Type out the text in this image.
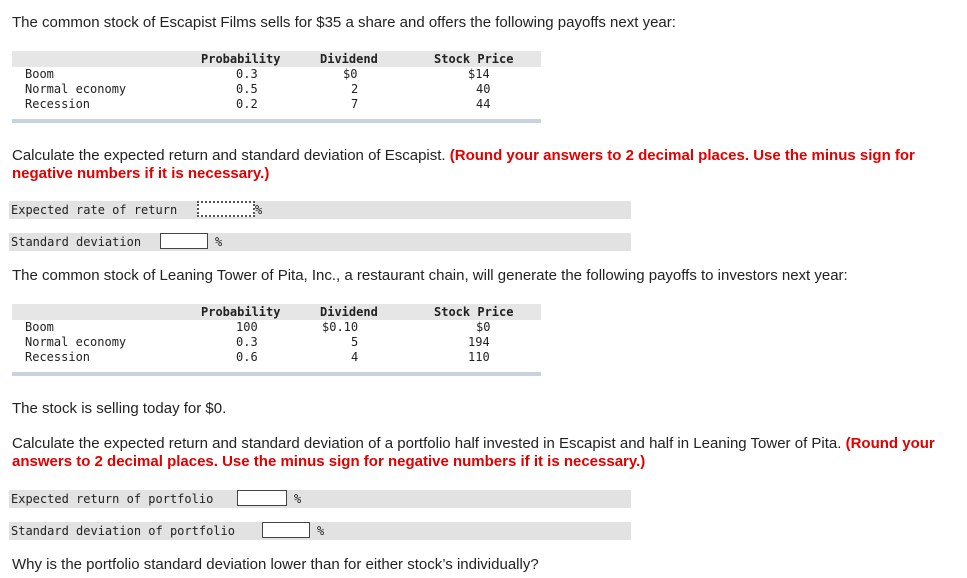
The common stock of Escapist Films sells for $35 a share and offers the following payoffs next year:
Probability	Dividend	Stock Price
Boom	0.3	$0	$14
Normal economy	0.5	2	40
Recession	0.2	7	44
Calculate the expected return and standard deviation of Escapist. (Round your answers to 2 decimal places. Use the minus sign for negative numbers if it is necessary.)
Expected rate of return	%
Standard deviation	%
The common stock of Leaning Tower of Pita, Inc., a restaurant chain, will generate the following payoffs to investors next year:
Probability	Dividend	Stock Price
Boom	100	$0.10	$0
Normal economy	0.3	5	194
Recession	0.6	4	110
The stock is selling today for $0.
Calculate the expected return and standard deviation of a portfolio half invested in Escapist and half in Leaning Tower of Pita. (Round your answers to 2 decimal places. Use the minus sign for negative numbers if it is necessary.)
Expected return of portfolio	%
Standard deviation of portfolio	%
Why is the portfolio standard deviation lower than for either stock’s individually?
